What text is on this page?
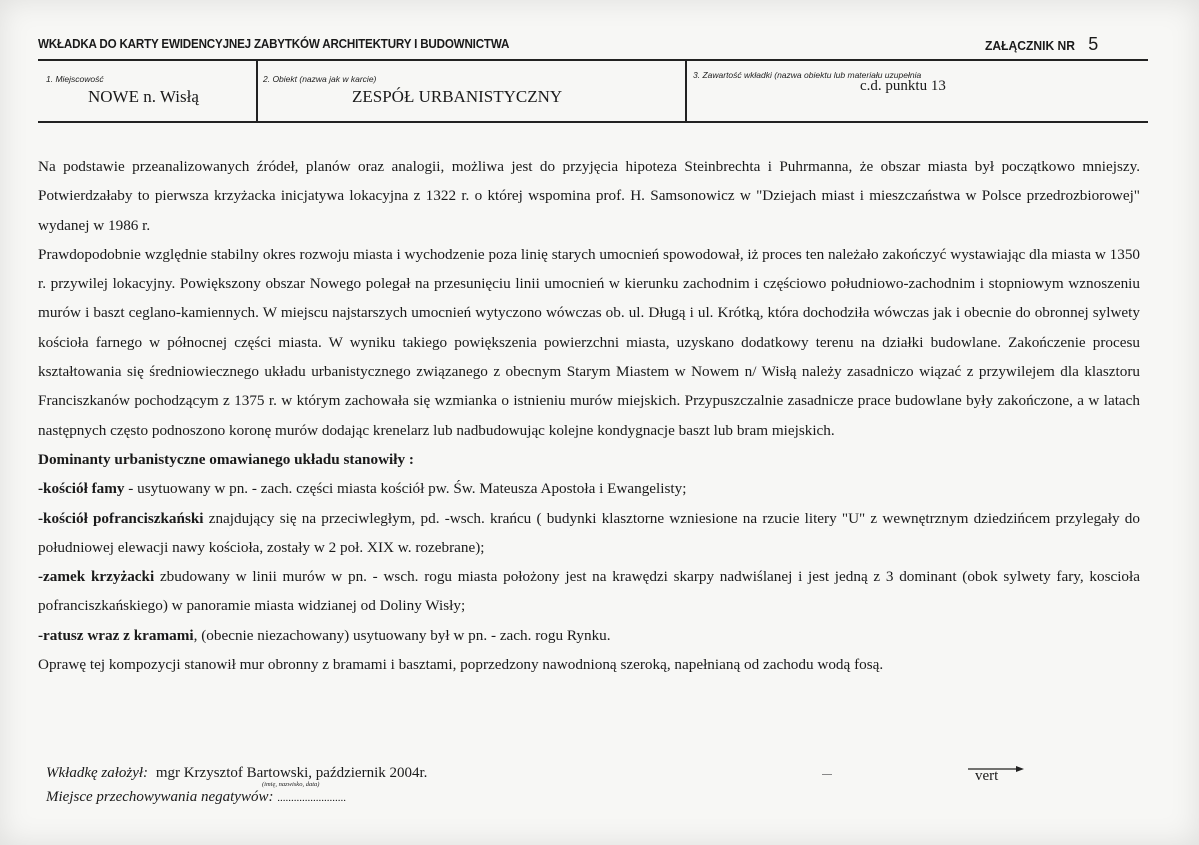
WKŁADKA DO KARTY EWIDENCYJNEJ ZABYTKÓW ARCHITEKTURY I BUDOWNICTWA	ZAŁĄCZNIK NR 5
1. Miejscowość
NOWE n. Wisłą
2. Obiekt (nazwa jak w karcie)
ZESPÓŁ URBANISTYCZNY
3. Zawartość wkładki (nazwa obiektu lub materiału uzupełnia
c.d. punktu 13

Na podstawie przeanalizowanych źródeł, planów oraz analogii, możliwa jest do przyjęcia hipoteza Steinbrechta i Puhrmanna, że obszar miasta był początkowo mniejszy. Potwierdzałaby to pierwsza krzyżacka inicjatywa lokacyjna z 1322 r. o której wspomina prof. H. Samsonowicz w "Dziejach miast i mieszczaństwa w Polsce przedrozbiorowej" wydanej w 1986 r.

Prawdopodobnie względnie stabilny okres rozwoju miasta i wychodzenie poza linię starych umocnień spowodował, iż proces ten należało zakończyć wystawiając dla miasta w 1350 r. przywilej lokacyjny. Powiększony obszar Nowego polegał na przesunięciu linii umocnień w kierunku zachodnim i częściowo południowo-zachodnim i stopniowym wznoszeniu murów i baszt ceglano-kamiennych. W miejscu najstarszych umocnień wytyczono wówczas ob. ul. Długą i ul. Krótką, która dochodziła wówczas jak i obecnie do obronnej sylwety kościoła farnego w północnej części miasta. W wyniku takiego powiększenia powierzchni miasta, uzyskano dodatkowy terenu na działki budowlane. Zakończenie procesu kształtowania się średniowiecznego układu urbanistycznego związanego z obecnym Starym Miastem w Nowem n/ Wisłą należy zasadniczo wiązać z przywilejem dla klasztoru Franciszkanów pochodzącym z 1375 r. w którym zachowała się wzmianka o istnieniu murów miejskich. Przypuszczalnie zasadnicze prace budowlane były zakończone, a w latach następnych często podnoszono koronę murów dodając krenelarz lub nadbudowując kolejne kondygnacje baszt lub bram miejskich.

Dominanty urbanistyczne omawianego układu stanowiły :

-kościół famy - usytuowany w pn. - zach. części miasta kościół pw. Św. Mateusza Apostoła i Ewangelisty;

-kościół pofranciszkański znajdujący się na przeciwległym, pd. -wsch. krańcu ( budynki klasztorne wzniesione na rzucie litery "U" z wewnętrznym dziedzińcem przylegały do południowej elewacji nawy kościoła, zostały w 2 poł. XIX w. rozebrane);

-zamek krzyżacki zbudowany w linii murów w pn. - wsch. rogu miasta położony jest na krawędzi skarpy nadwiślanej i jest jedną z 3 dominant (obok sylwety fary, koscioła pofranciszkańskiego) w panoramie miasta widzianej od Doliny Wisły;

-ratusz wraz z kramami, (obecnie niezachowany) usytuowany był w pn. - zach. rogu Rynku.

Oprawę tej kompozycji stanowił mur obronny z bramami i basztami, poprzedzony nawodnioną szeroką, napełnianą od zachodu wodą fosą.

Wkładkę założył: mgr Krzysztof Bartowski, październik 2004r.
(imię, nazwisko, data)
vert
Miejsce przechowywania negatywów: .........................
